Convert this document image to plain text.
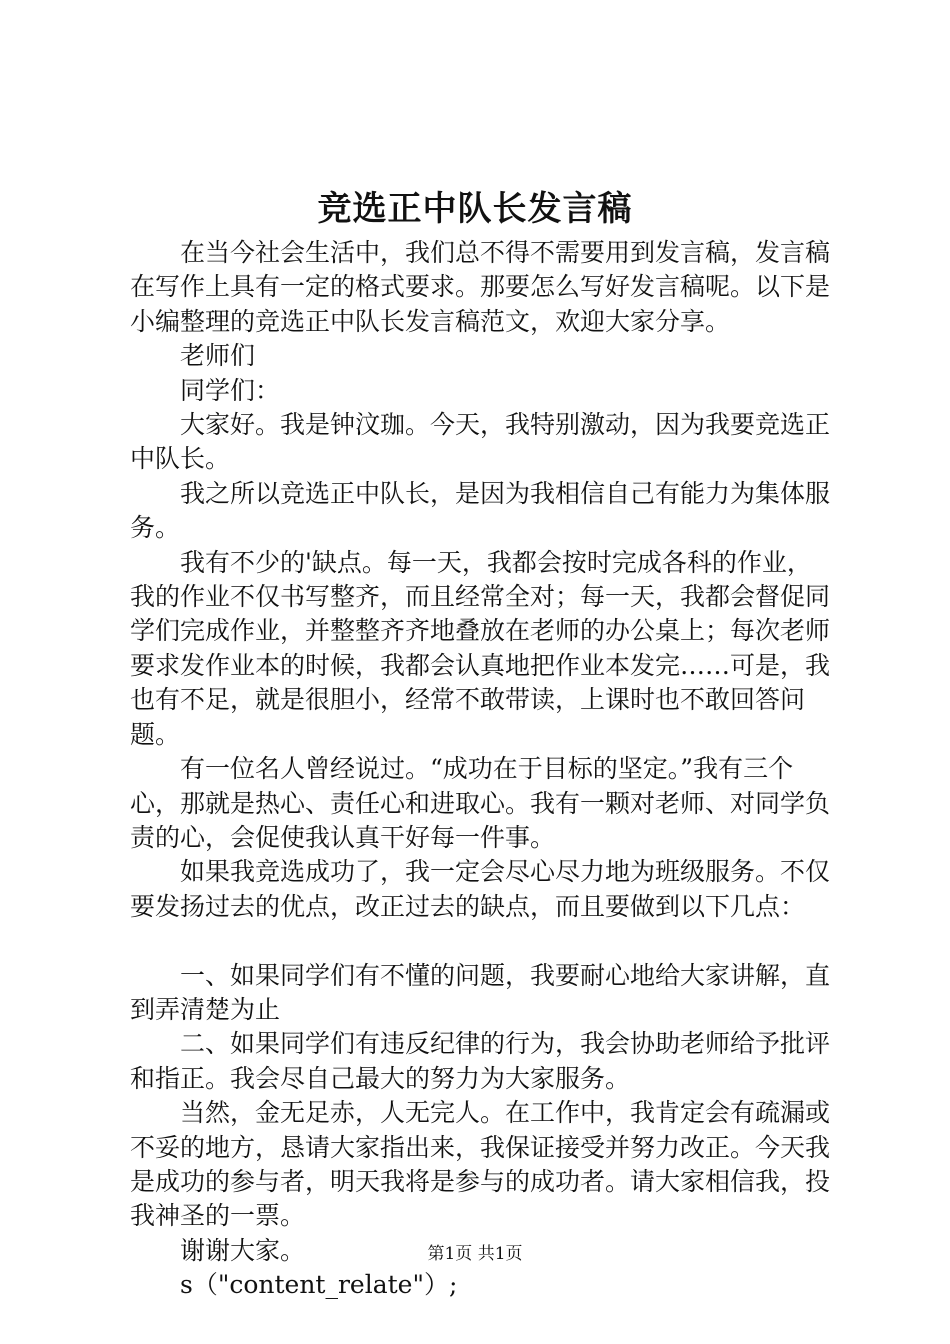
竞选正中队长发言稿

在当今社会生活中，我们总不得不需要用到发言稿，发言稿在写作上具有一定的格式要求。那要怎么写好发言稿呢。以下是小编整理的竞选正中队长发言稿范文，欢迎大家分享。

老师们

同学们：

大家好。我是钟汶珈。今天，我特别激动，因为我要竞选正中队长。

我之所以竞选正中队长，是因为我相信自己有能力为集体服务。

我有不少的'缺点。每一天，我都会按时完成各科的作业，我的作业不仅书写整齐，而且经常全对；每一天，我都会督促同学们完成作业，并整整齐齐地叠放在老师的办公桌上；每次老师要求发作业本的时候，我都会认真地把作业本发完……可是，我也有不足，就是很胆小，经常不敢带读，上课时也不敢回答问题。

有一位名人曾经说过。“成功在于目标的坚定。”我有三个心，那就是热心、责任心和进取心。我有一颗对老师、对同学负责的心，会促使我认真干好每一件事。

如果我竞选成功了，我一定会尽心尽力地为班级服务。不仅要发扬过去的优点，改正过去的缺点，而且要做到以下几点：

一、如果同学们有不懂的问题，我要耐心地给大家讲解，直到弄清楚为止

二、如果同学们有违反纪律的行为，我会协助老师给予批评和指正。我会尽自己最大的努力为大家服务。

当然，金无足赤，人无完人。在工作中，我肯定会有疏漏或不妥的地方，恳请大家指出来，我保证接受并努力改正。今天我是成功的参与者，明天我将是参与的成功者。请大家相信我，投我神圣的一票。

谢谢大家。

s（"content_relate"）;

第1页 共1页
